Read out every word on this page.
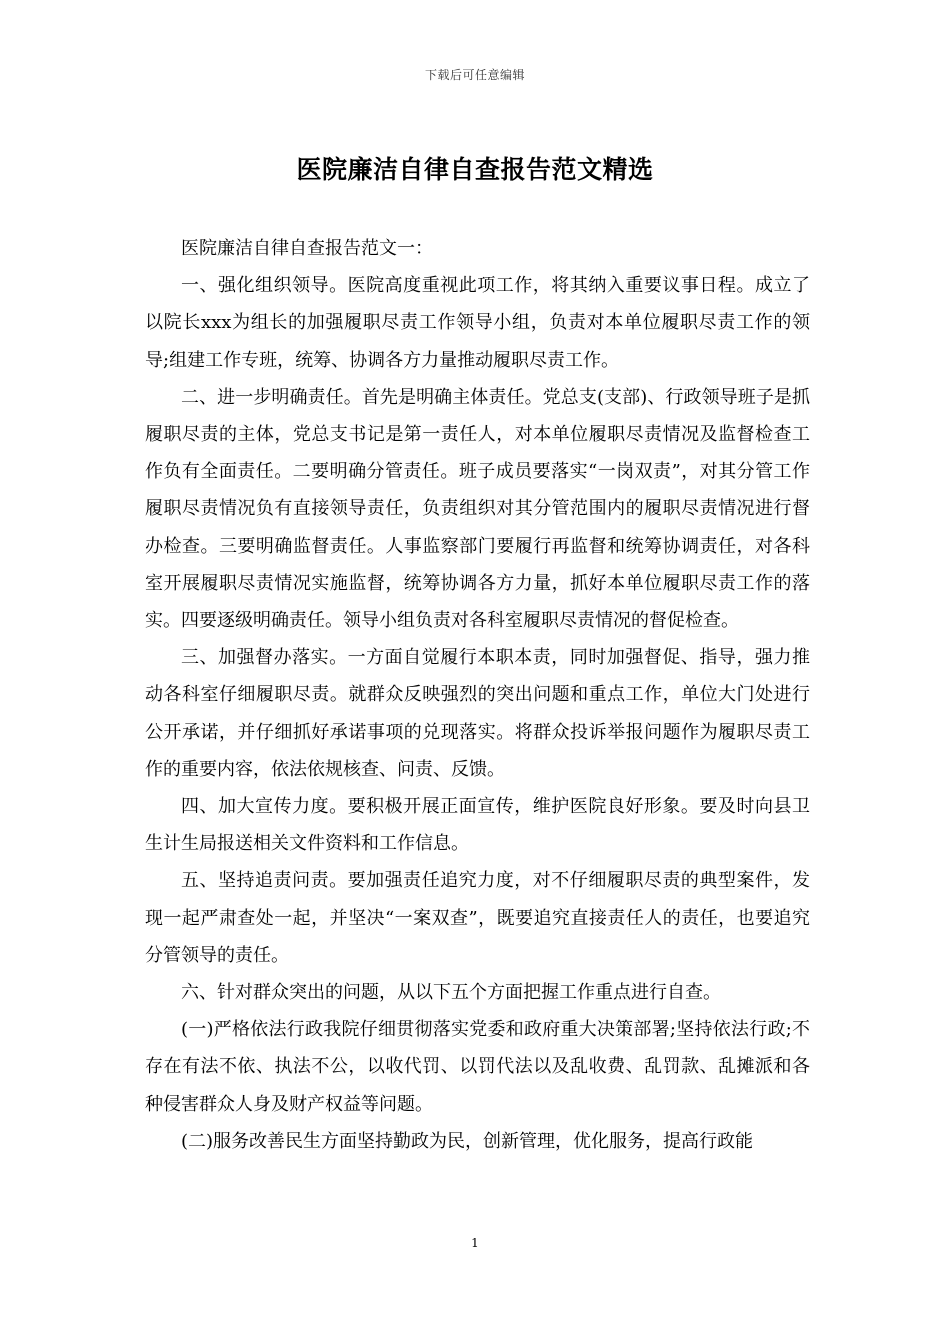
下载后可任意编辑
医院廉洁自律自查报告范文精选

医院廉洁自律自查报告范文一：

一、强化组织领导。医院高度重视此项工作，将其纳入重要议事日程。成立了以院长xxx为组长的加强履职尽责工作领导小组，负责对本单位履职尽责工作的领导;组建工作专班，统筹、协调各方力量推动履职尽责工作。

二、进一步明确责任。首先是明确主体责任。党总支(支部)、行政领导班子是抓履职尽责的主体，党总支书记是第一责任人，对本单位履职尽责情况及监督检查工作负有全面责任。二要明确分管责任。班子成员要落实“一岗双责”，对其分管工作履职尽责情况负有直接领导责任，负责组织对其分管范围内的履职尽责情况进行督办检查。三要明确监督责任。人事监察部门要履行再监督和统筹协调责任，对各科室开展履职尽责情况实施监督，统筹协调各方力量，抓好本单位履职尽责工作的落实。四要逐级明确责任。领导小组负责对各科室履职尽责情况的督促检查。

三、加强督办落实。一方面自觉履行本职本责，同时加强督促、指导，强力推动各科室仔细履职尽责。就群众反映强烈的突出问题和重点工作，单位大门处进行公开承诺，并仔细抓好承诺事项的兑现落实。将群众投诉举报问题作为履职尽责工作的重要内容，依法依规核查、问责、反馈。

四、加大宣传力度。要积极开展正面宣传，维护医院良好形象。要及时向县卫生计生局报送相关文件资料和工作信息。

五、坚持追责问责。要加强责任追究力度，对不仔细履职尽责的典型案件，发现一起严肃查处一起，并坚决“一案双查”，既要追究直接责任人的责任，也要追究分管领导的责任。

六、针对群众突出的问题，从以下五个方面把握工作重点进行自查。

(一)严格依法行政我院仔细贯彻落实党委和政府重大决策部署;坚持依法行政;不存在有法不依、执法不公，以收代罚、以罚代法以及乱收费、乱罚款、乱摊派和各种侵害群众人身及财产权益等问题。

(二)服务改善民生方面坚持勤政为民，创新管理，优化服务，提高行政能

1
